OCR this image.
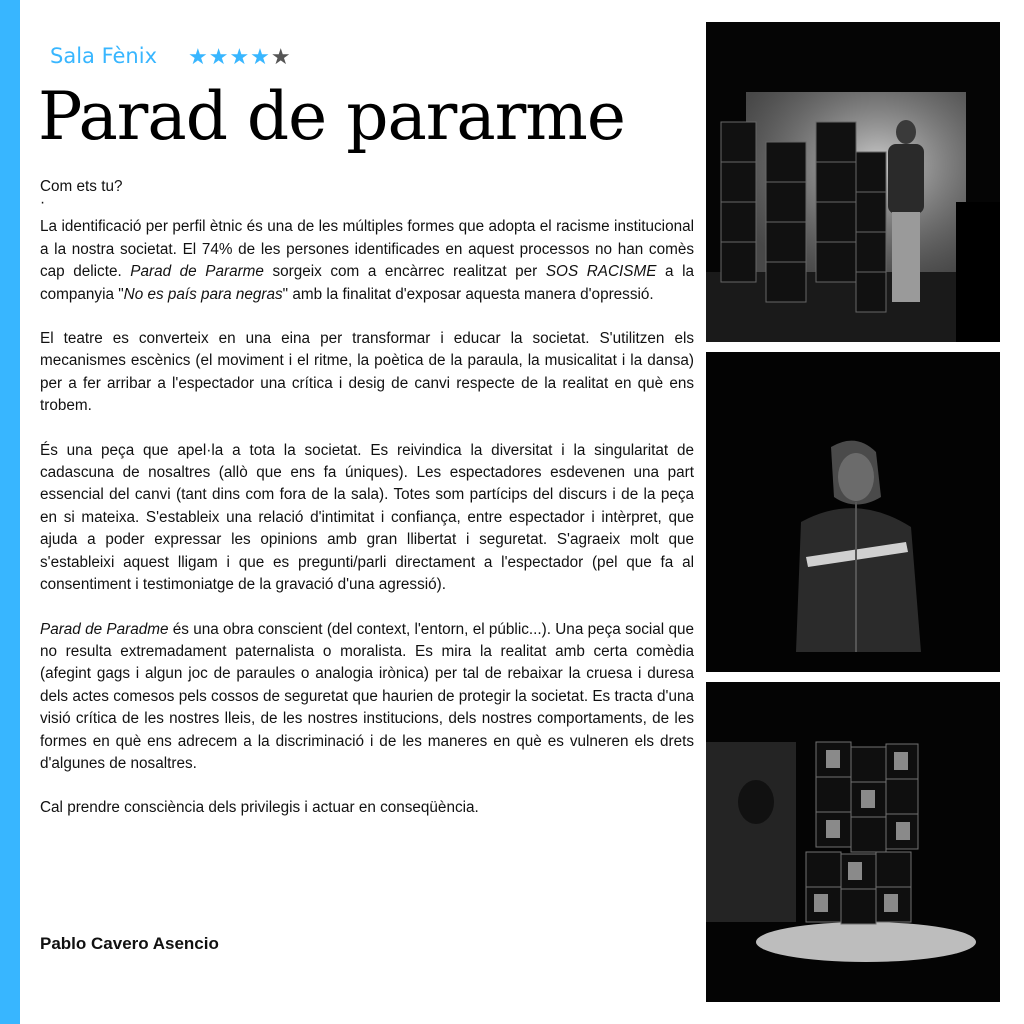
Sala Fènix ★★★★★
Parad de pararme

Com ets tu?

·

La identificació per perfil ètnic és una de les múltiples formes que adopta el racisme institucional a la nostra societat. El 74% de les persones identificades en aquest processos no han comès cap delicte. Parad de Pararme sorgeix com a encàrrec realitzat per SOS RACISME a la companyia "No es país para negras" amb la finalitat d'exposar aquesta manera d'opressió.

El teatre es converteix en una eina per transformar i educar la societat. S'utilitzen els mecanismes escènics (el moviment i el ritme, la poètica de la paraula, la musicalitat i la dansa) per a fer arribar a l'espectador una crítica i desig de canvi respecte de la realitat en què ens trobem.

És una peça que apel·la a tota la societat. Es reivindica la diversitat i la singularitat de cadascuna de nosaltres (allò que ens fa úniques). Les espectadores esdevenen una part essencial del canvi (tant dins com fora de la sala). Totes som partícips del discurs i de la peça en si mateixa. S'estableix una relació d'intimitat i confiança, entre espectador i intèrpret, que ajuda a poder expressar les opinions amb gran llibertat i seguretat. S'agraeix molt que s'estableixi aquest lligam i que es pregunti/parli directament a l'espectador (pel que fa al consentiment i testimoniatge de la gravació d'una agressió).

Parad de Paradme és una obra conscient (del context, l'entorn, el públic...). Una peça social que no resulta extremadament paternalista o moralista. Es mira la realitat amb certa comèdia (afegint gags i algun joc de paraules o analogia irònica) per tal de rebaixar la cruesa i duresa dels actes comesos pels cossos de seguretat que haurien de protegir la societat. Es tracta d'una visió crítica de les nostres lleis, de les nostres institucions, dels nostres comportaments, de les formes en què ens adrecem a la discriminació i de les maneres en què es vulneren els drets d'algunes de nosaltres.

Cal prendre consciència dels privilegis i actuar en conseqüència.

Pablo Cavero Asencio
